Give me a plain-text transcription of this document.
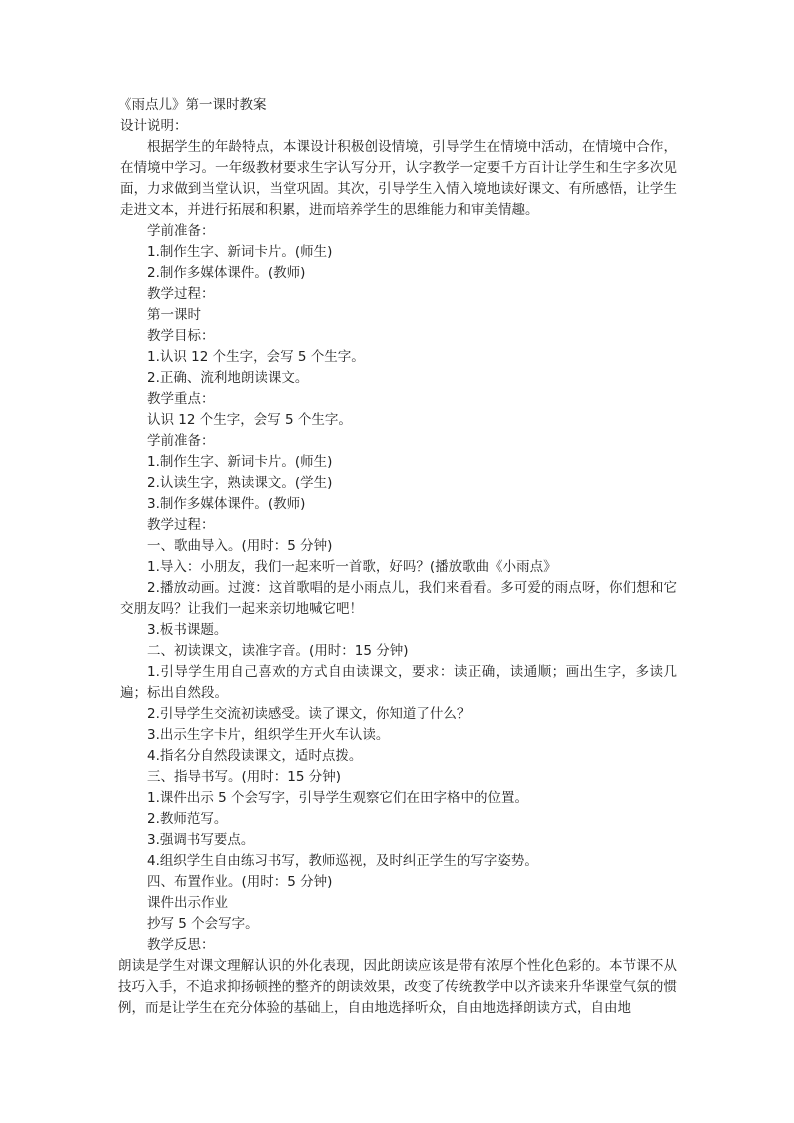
《雨点儿》第一课时教案
设计说明：
根据学生的年龄特点，本课设计积极创设情境，引导学生在情境中活动，在情境中合作，在情境中学习。一年级教材要求生字认写分开，认字教学一定要千方百计让学生和生字多次见面，力求做到当堂认识，当堂巩固。其次，引导学生入情入境地读好课文、有所感悟，让学生走进文本，并进行拓展和积累，进而培养学生的思维能力和审美情趣。
学前准备：
1.制作生字、新词卡片。(师生)
2.制作多媒体课件。(教师)
教学过程：
第一课时
教学目标：
1.认识 12 个生字，会写 5 个生字。
2.正确、流利地朗读课文。
教学重点：
认识 12 个生字，会写 5 个生字。
学前准备：
1.制作生字、新词卡片。(师生)
2.认读生字，熟读课文。(学生)
3.制作多媒体课件。(教师)
教学过程：
一、歌曲导入。(用时：5 分钟)
1.导入：小朋友，我们一起来听一首歌，好吗？(播放歌曲《小雨点》
2.播放动画。过渡：这首歌唱的是小雨点儿，我们来看看。多可爱的雨点呀，你们想和它交朋友吗？让我们一起来亲切地喊它吧！
3.板书课题。
二、初读课文，读准字音。(用时：15 分钟)
1.引导学生用自己喜欢的方式自由读课文，要求：读正确，读通顺；画出生字，多读几遍；标出自然段。
2.引导学生交流初读感受。读了课文，你知道了什么？
3.出示生字卡片，组织学生开火车认读。
4.指名分自然段读课文，适时点拨。
三、指导书写。(用时：15 分钟)
1.课件出示 5 个会写字，引导学生观察它们在田字格中的位置。
2.教师范写。
3.强调书写要点。
4.组织学生自由练习书写，教师巡视，及时纠正学生的写字姿势。
四、布置作业。(用时：5 分钟)
课件出示作业
抄写 5 个会写字。
教学反思：
朗读是学生对课文理解认识的外化表现，因此朗读应该是带有浓厚个性化色彩的。本节课不从技巧入手，不追求抑扬顿挫的整齐的朗读效果，改变了传统教学中以齐读来升华课堂气氛的惯例，而是让学生在充分体验的基础上，自由地选择听众，自由地选择朗读方式，自由地
